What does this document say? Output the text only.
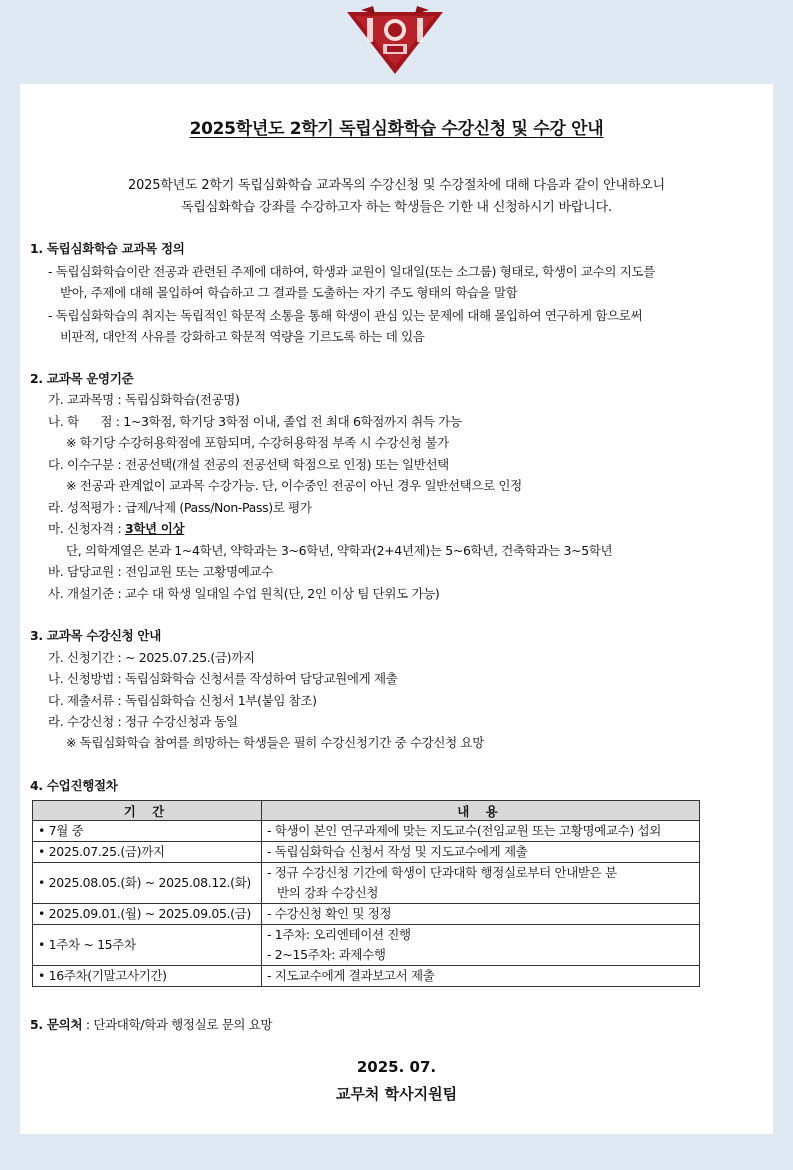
2025학년도 2학기 독립심화학습 수강신청 및 수강 안내
2025학년도 2학기 독립심화학습 교과목의 수강신청 및 수강절차에 대해 다음과 같이 안내하오니
독립심화학습 강좌를 수강하고자 하는 학생들은 기한 내 신청하시기 바랍니다.
1. 독립심화학습 교과목 정의
- 독립심화학습이란 전공과 관련된 주제에 대하여, 학생과 교원이 일대일(또는 소그룹) 형태로, 학생이 교수의 지도를
받아, 주제에 대해 몰입하여 학습하고 그 결과를 도출하는 자기 주도 형태의 학습을 말함
- 독립심화학습의 취지는 독립적인 학문적 소통을 통해 학생이 관심 있는 문제에 대해 몰입하여 연구하게 함으로써
비판적, 대안적 사유를 강화하고 학문적 역량을 기르도록 하는 데 있음
2. 교과목 운영기준
가. 교과목명 : 독립심화학습(전공명)
나. 학      점 : 1~3학점, 학기당 3학점 이내, 졸업 전 최대 6학점까지 취득 가능
※ 학기당 수강허용학점에 포함되며, 수강허용학점 부족 시 수강신청 불가
다. 이수구분 : 전공선택(개설 전공의 전공선택 학점으로 인정) 또는 일반선택
※ 전공과 관계없이 교과목 수강가능. 단, 이수중인 전공이 아닌 경우 일반선택으로 인정
라. 성적평가 : 급제/낙제 (Pass/Non-Pass)로 평가
마. 신청자격 : 3학년 이상
단, 의학계열은 본과 1~4학년, 약학과는 3~6학년, 약학과(2+4년제)는 5~6학년, 건축학과는 3~5학년
바. 담당교원 : 전임교원 또는 고황명예교수
사. 개설기준 : 교수 대 학생 일대일 수업 원칙(단, 2인 이상 팀 단위도 가능)
3. 교과목 수강신청 안내
가. 신청기간 : ~ 2025.07.25.(금)까지
나. 신청방법 : 독립심화학습 신청서를 작성하여 담당교원에게 제출
다. 제출서류 : 독립심화학습 신청서 1부(붙임 참조)
라. 수강신청 : 정규 수강신청과 동일
※ 독립심화학습 참여를 희망하는 학생들은 필히 수강신청기간 중 수강신청 요망
4. 수업진행절차
기 간	내 용
• 7월 중	- 학생이 본인 연구과제에 맞는 지도교수(전임교원 또는 고황명예교수) 섭외
• 2025.07.25.(금)까지	- 독립심화학습 신청서 작성 및 지도교수에게 제출
• 2025.08.05.(화) ~ 2025.08.12.(화)	- 정규 수강신청 기간에 학생이 단과대학 행정실로부터 안내받은 분
반의 강좌 수강신청

• 2025.09.01.(월) ~ 2025.09.05.(금)	- 수강신청 확인 및 정정
• 1주차 ~ 15주차	- 1주차: 오리엔테이션 진행
- 2~15주차: 과제수행

• 16주차(기말고사기간)	- 지도교수에게 결과보고서 제출
5. 문의처 : 단과대학/학과 행정실로 문의 요망
2025. 07.
교무처 학사지원팀
